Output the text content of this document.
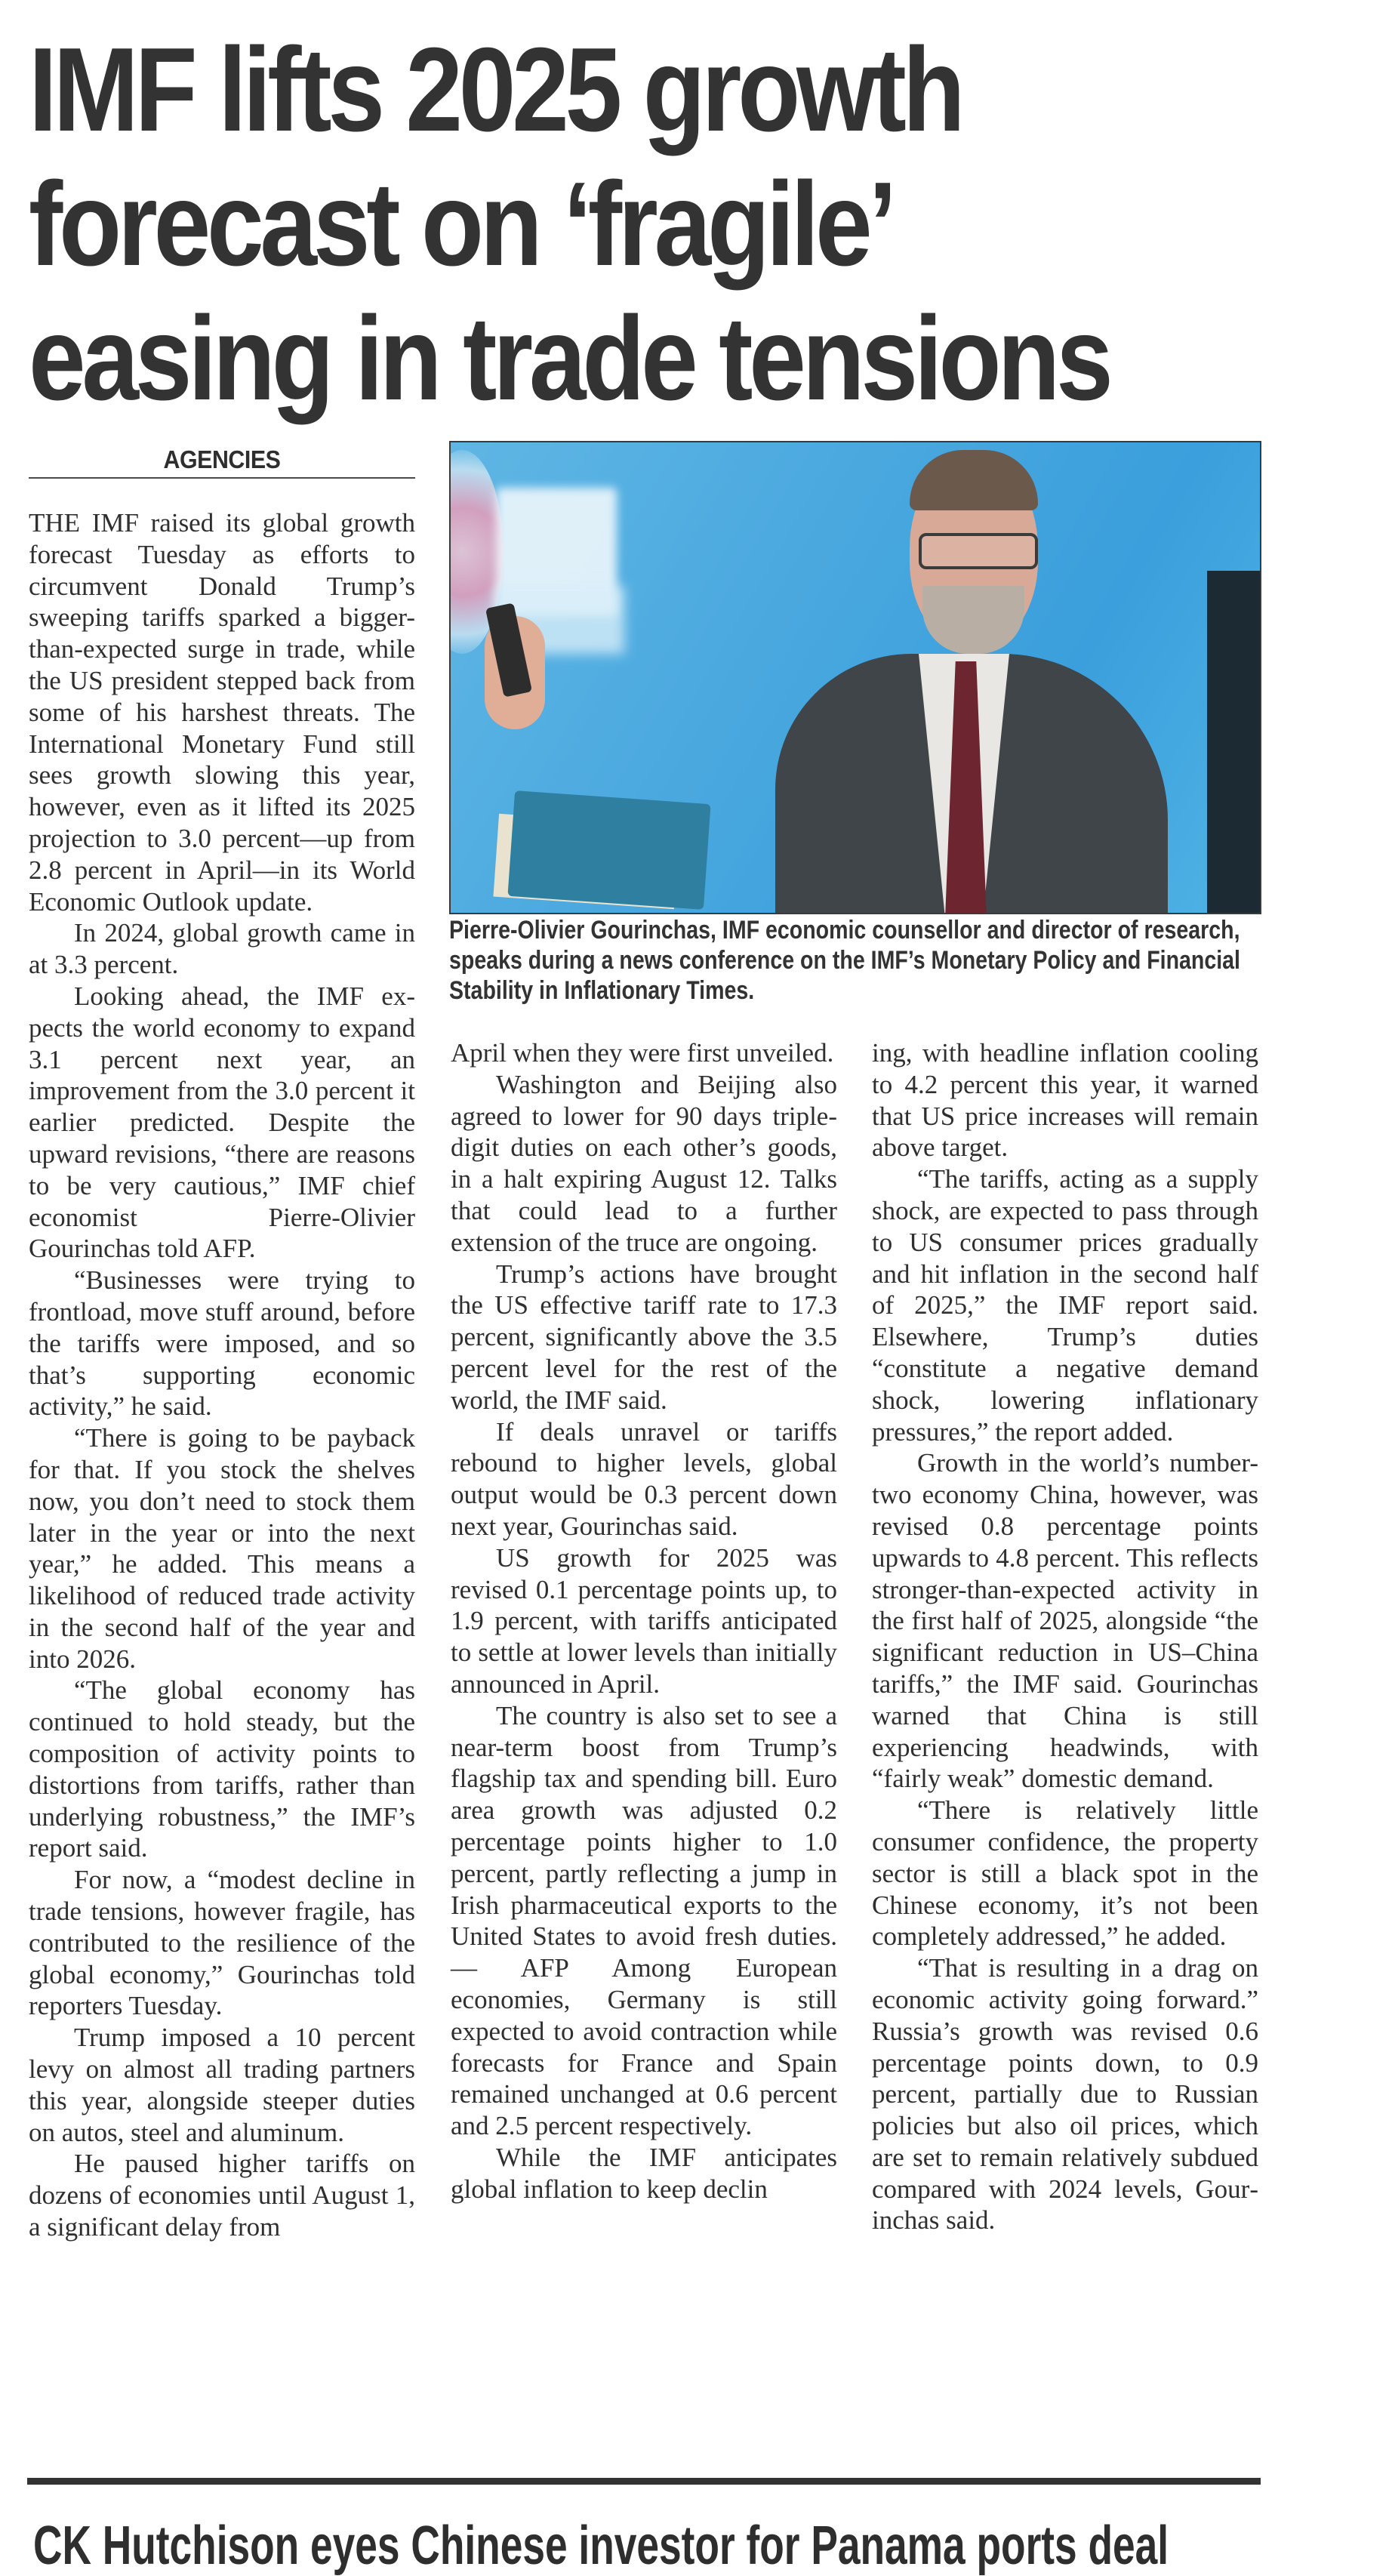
IMF lifts 2025 growth
forecast on ‘fragile’
easing in trade tensions
AGENCIES
Pierre-Olivier Gourinchas, IMF economic counsellor and director of research, speaks during a news conference on the IMF’s Monetary Policy and Financial Stability in Inflationary Times.

THE IMF raised its global growth forecast Tuesday as efforts to circumvent Donald Trump’s sweeping tariffs sparked a bigger-than-expected surge in trade, while the US president stepped back from some of his harshest threats. The International Monetary Fund still sees growth slowing this year, however, even as it lifted its 2025 projection to 3.0 percent—up from 2.8 percent in April—in its World Economic Outlook update.

In 2024, global growth came in at 3.3 percent.

Looking ahead, the IMF expects the world economy to expand 3.1 percent next year, an improvement from the 3.0 percent it earlier predicted. Despite the upward revisions, “there are reasons to be very cautious,” IMF chief economist Pierre-Olivier Gourinchas told AFP.

“Businesses were trying to frontload, move stuff around, before the tariffs were imposed, and so that’s supporting economic activity,” he said.

“There is going to be payback for that. If you stock the shelves now, you don’t need to stock them later in the year or into the next year,” he added. This means a likelihood of reduced trade activity in the second half of the year and into 2026.

“The global economy has continued to hold steady, but the composition of activity points to distortions from tariffs, rather than underlying robustness,” the IMF’s report said.

For now, a “modest decline in trade tensions, however fragile, has contributed to the resilience of the global economy,” Gourinchas told reporters Tuesday.

Trump imposed a 10 percent levy on almost all trading partners this year, alongside steeper duties on autos, steel and aluminum.

He paused higher tariffs on dozens of economies until August 1, a significant delay from

April when they were first unveiled.

Washington and Beijing also agreed to lower for 90 days triple-digit duties on each other’s goods, in a halt expiring August 12. Talks that could lead to a further extension of the truce are ongoing.

Trump’s actions have brought the US effective tariff rate to 17.3 percent, significantly above the 3.5 percent level for the rest of the world, the IMF said.

If deals unravel or tariffs rebound to higher levels, global output would be 0.3 percent down next year, Gourinchas said.

US growth for 2025 was revised 0.1 percentage points up, to 1.9 percent, with tariffs anticipated to settle at lower levels than initially announced in April.

The country is also set to see a near-term boost from Trump’s flagship tax and spending bill. Euro area growth was adjusted 0.2 percentage points higher to 1.0 percent, partly reflecting a jump in Irish pharmaceutical exports to the United States to avoid fresh duties. — AFP Among European economies, Germany is still expected to avoid contraction while forecasts for France and Spain remained unchanged at 0.6 percent and 2.5 percent respectively.

While the IMF anticipates global inflation to keep declin

ing, with headline inflation cooling to 4.2 percent this year, it warned that US price increases will remain above target.

“The tariffs, acting as a supply shock, are expected to pass through to US consumer prices gradually and hit inflation in the second half of 2025,” the IMF report said. Elsewhere, Trump’s duties “constitute a negative demand shock, lowering inflationary pressures,” the report added.

Growth in the world’s number-two economy China, however, was revised 0.8 percentage points upwards to 4.8 percent. This reflects stronger-than-expected activity in the first half of 2025, alongside “the significant reduction in US–China tariffs,” the IMF said. Gourinchas warned that China is still experiencing headwinds, with “fairly weak” domestic demand.

“There is relatively little consumer confidence, the property sector is still a black spot in the Chinese economy, it’s not been completely addressed,” he added.

“That is resulting in a drag on economic activity going forward.” Russia’s growth was revised 0.6 percentage points down, to 0.9 percent, partially due to Russian policies but also oil prices, which are set to remain relatively subdued compared with 2024 levels, Gourinchas said.

CK Hutchison eyes Chinese investor for Panama ports deal
